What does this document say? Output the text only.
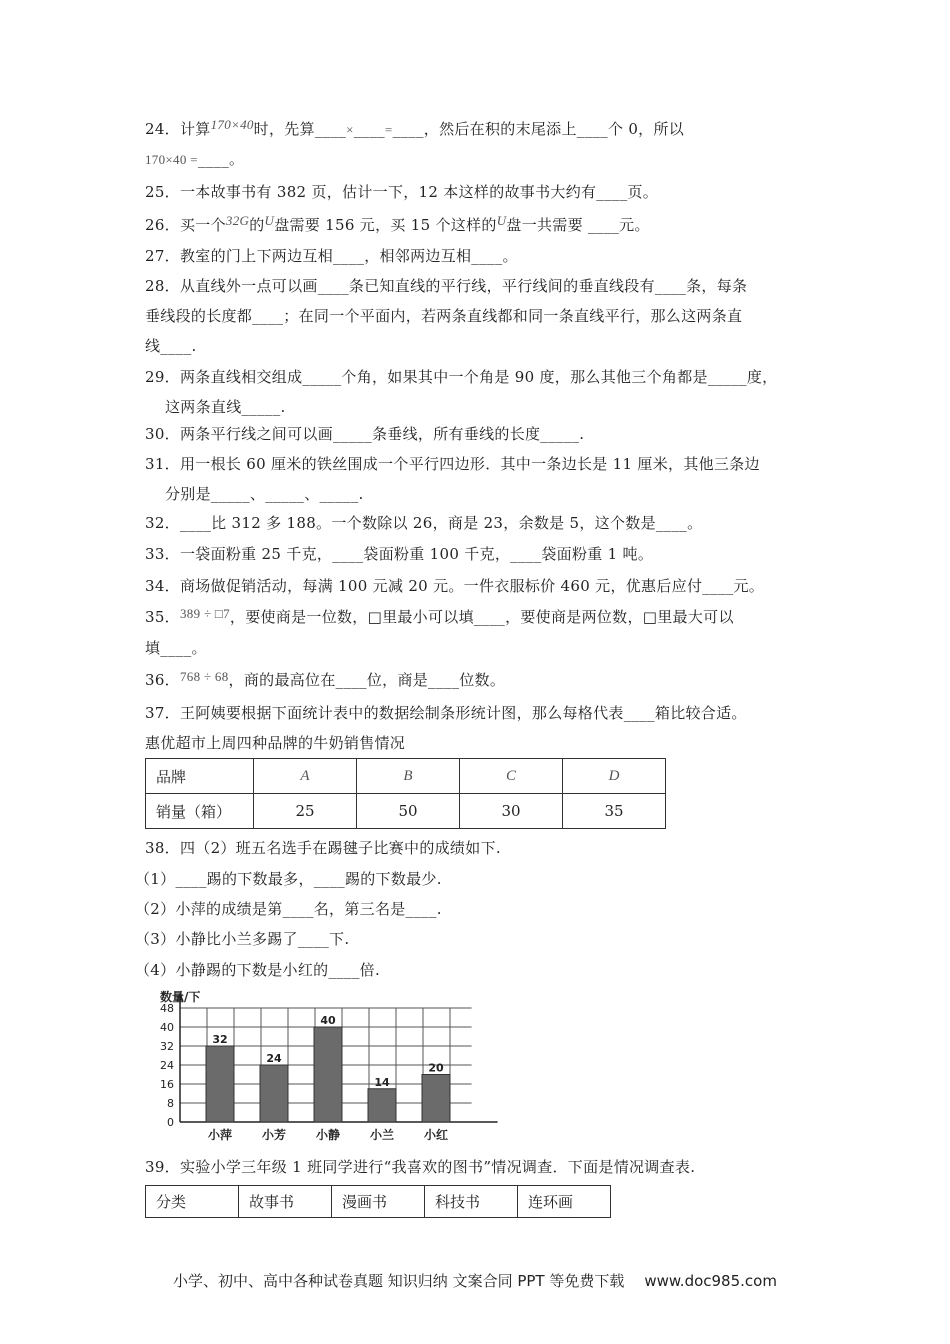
24．计算170×40时，先算____×____=____，然后在积的末尾添上____个 0，所以
170×40 =____。
25．一本故事书有 382 页，估计一下，12 本这样的故事书大约有____页。
26．买一个32G的U盘需要 156 元，买 15 个这样的U盘一共需要 ____元。
27．教室的门上下两边互相____，相邻两边互相____。
28．从直线外一点可以画____条已知直线的平行线，平行线间的垂直线段有____条，每条
垂线段的长度都____；在同一个平面内，若两条直线都和同一条直线平行，那么这两条直
线____.
29．两条直线相交组成_____个角，如果其中一个角是 90 度，那么其他三个角都是_____度，
这两条直线_____.
30．两条平行线之间可以画_____条垂线，所有垂线的长度_____.
31．用一根长 60 厘米的铁丝围成一个平行四边形．其中一条边长是 11 厘米，其他三条边
分别是_____、_____、_____.
32．____比 312 多 188。一个数除以 26，商是 23，余数是 5，这个数是____。
33．一袋面粉重 25 千克，____袋面粉重 100 千克，____袋面粉重 1 吨。
34．商场做促销活动，每满 100 元减 20 元。一件衣服标价 460 元，优惠后应付____元。
35．389 ÷ □7，要使商是一位数，□里最小可以填____，要使商是两位数，□里最大可以
填____。
36．768 ÷ 68，商的最高位在____位，商是____位数。
37．王阿姨要根据下面统计表中的数据绘制条形统计图，那么每格代表____箱比较合适。
惠优超市上周四种品牌的牛奶销售情况
品牌	A	B	C	D
销量（箱）	25	50	30	35
38．四（2）班五名选手在踢毽子比赛中的成绩如下.
（1）____踢的下数最多，____踢的下数最少.
（2）小萍的成绩是第____名，第三名是____.
（3）小静比小兰多踢了____下.
（4）小静踢的下数是小红的____倍.
0
8
16
24
32
40
48
数量/下
32
小萍
24
小芳
40
小静
14
小兰
20
小红
39．实验小学三年级 1 班同学进行“我喜欢的图书”情况调查．下面是情况调查表.
分类	故事书	漫画书	科技书	连环画
小学、初中、高中各种试卷真题 知识归纳 文案合同 PPT 等免费下载 www.doc985.com
